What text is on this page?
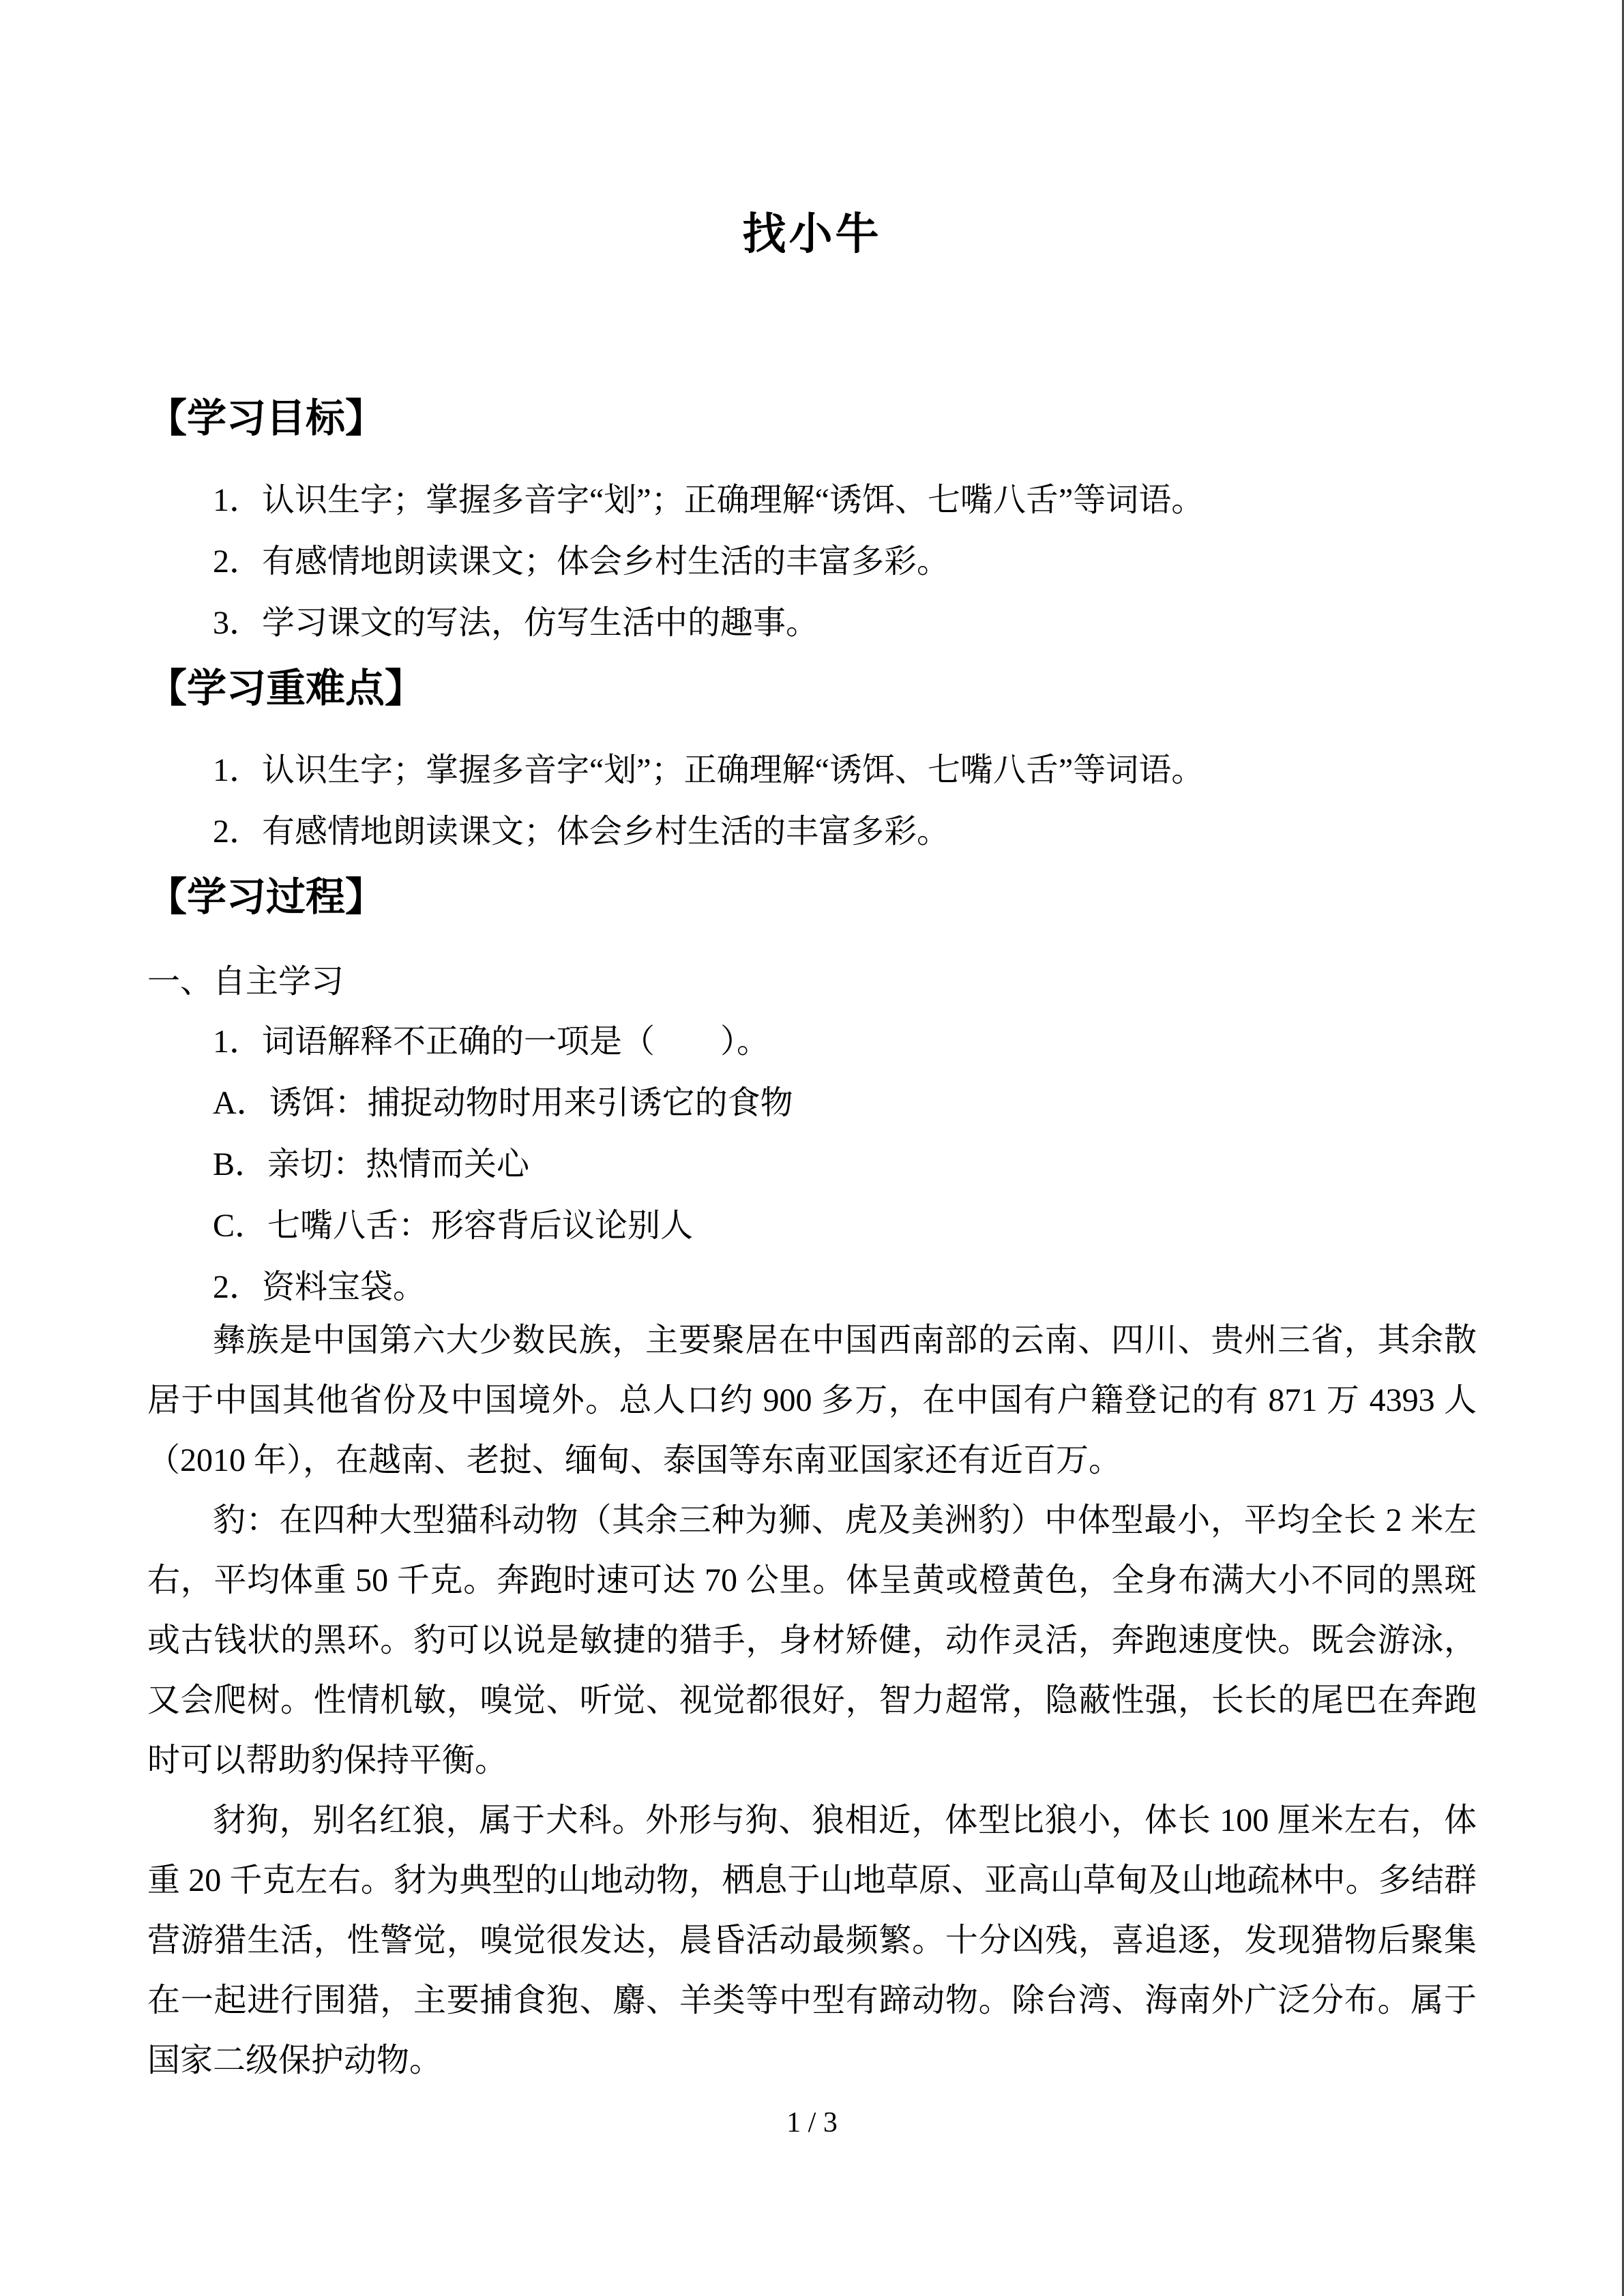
找小牛
【学习目标】
1．认识生字；掌握多音字“划”；正确理解“诱饵、七嘴八舌”等词语。
2．有感情地朗读课文；体会乡村生活的丰富多彩。
3．学习课文的写法，仿写生活中的趣事。
【学习重难点】
1．认识生字；掌握多音字“划”；正确理解“诱饵、七嘴八舌”等词语。
2．有感情地朗读课文；体会乡村生活的丰富多彩。
【学习过程】
一、自主学习
1．词语解释不正确的一项是（　　）。
A．诱饵：捕捉动物时用来引诱它的食物
B．亲切：热情而关心
C．七嘴八舌：形容背后议论别人
2．资料宝袋。

彝族是中国第六大少数民族，主要聚居在中国西南部的云南、四川、贵州三省，其余散居于中国其他省份及中国境外。总人口约 900 多万，在中国有户籍登记的有 871 万 4393 人（2010 年），在越南、老挝、缅甸、泰国等东南亚国家还有近百万。

豹：在四种大型猫科动物（其余三种为狮、虎及美洲豹）中体型最小，平均全长 2 米左右，平均体重 50 千克。奔跑时速可达 70 公里。体呈黄或橙黄色，全身布满大小不同的黑斑或古钱状的黑环。豹可以说是敏捷的猎手，身材矫健，动作灵活，奔跑速度快。既会游泳，又会爬树。性情机敏，嗅觉、听觉、视觉都很好，智力超常，隐蔽性强，长长的尾巴在奔跑时可以帮助豹保持平衡。

豺狗，别名红狼，属于犬科。外形与狗、狼相近，体型比狼小，体长 100 厘米左右，体重 20 千克左右。豺为典型的山地动物，栖息于山地草原、亚高山草甸及山地疏林中。多结群营游猎生活，性警觉，嗅觉很发达，晨昏活动最频繁。十分凶残，喜追逐，发现猎物后聚集在一起进行围猎，主要捕食狍、麝、羊类等中型有蹄动物。除台湾、海南外广泛分布。属于国家二级保护动物。

1 / 3
